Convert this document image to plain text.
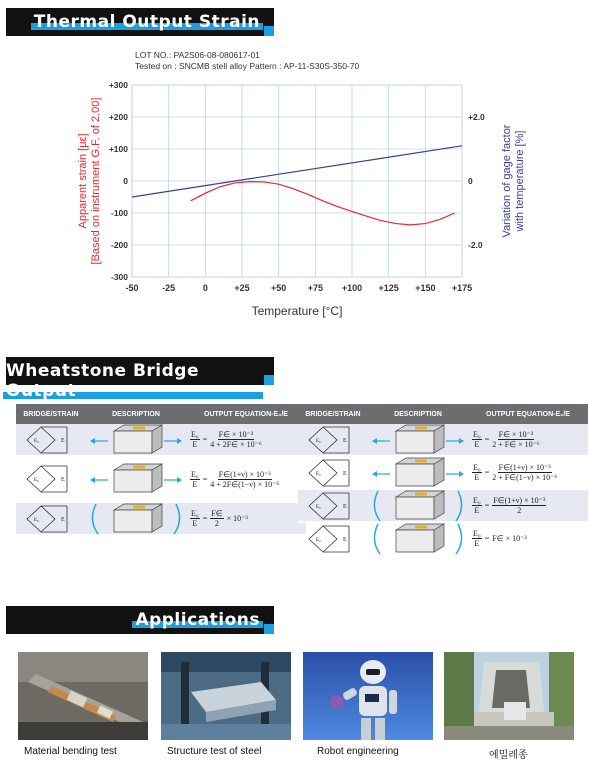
Thermal Output Strain
LOT NO.: PA2S06-08-080617-01
Tested on : SNCMB stell alloy Pattern : AP-11-S30S-350-70
-50	-25	0	+25 +50 +75 +100 +125 +150 +175
+300
+200
+100
0
-100
-200
-300
+2.0
0
-2.0
Temperature [°C]
Apparent strain [με][Based on instrument G.F. of 2.00]	Variation of gage factorwith temperature [%]
Wheatstone Bridge Output
BRIDGE/STRAIN	DESCRIPTION	OUTPUT EQUATION-E₀/E
E
E₀	$\frac{\text{E₀}}{E} = \frac{\text{F∈ × 10⁻³}}{\text{4 + 2F∈ × 10⁻⁶}}$
E
E₀	$\frac{\text{E₀}}{E} = \frac{\text{F∈(1+ν) × 10⁻³}}{\text{4 + 2F∈(1−ν) × 10⁻⁶}}$
E
E₀	$\frac{\text{E₀}}{E} = \frac{F\in}{2} \times 10^{-3}$
BRIDGE/STRAIN	DESCRIPTION	OUTPUT EQUATION-E₀/E
E
E₀	$\frac{\text{E₀}}{E} = \frac{\text{F∈ × 10⁻³}}{\text{2 + F∈ × 10⁻⁶}}$
E
E₀	$\frac{\text{E₀}}{E} = \frac{\text{F∈(1+ν) × 10⁻³}}{\text{2 + F∈(1−ν) × 10⁻⁶}}$
E
E₀	$\frac{\text{E₀}}{E} = \frac{\text{F∈(1+ν) × 10⁻³}}{2}$
E
E₀	$\frac{\text{E₀}}{E}$ = F∈ × 10⁻³
Applications
Material bending test	Structure test of steel	Robot engineering	에밀레종
